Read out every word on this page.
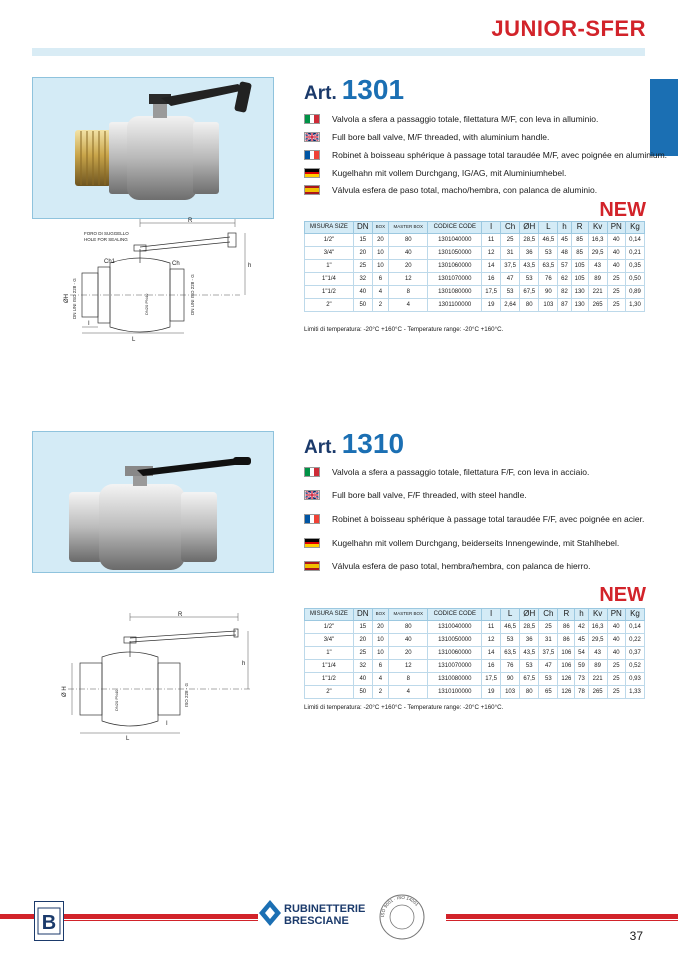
JUNIOR-SFER
Art. 1301
Valvola a sfera a passaggio totale, filettatura M/F, con leva in alluminio.
Full bore ball valve, M/F threaded, with aluminium handle.
Robinet à boisseau sphérique à passage total taraudée M/F, avec poignée en aluminium.
Kugelhahn mit vollem Durchgang, IG/AG, mit Aluminiumhebel.
Válvula esfera de paso total, macho/hembra, con palanca de aluminio.
NEW
R
h
Ch1	Ch
ØH
L
I
FORO DI SUGGELLO
HOLE FOR SEALING
DN UNI ISO 228 - G	DN UNI ISO 228 - G
DN20 PN40
MISURA SIZE	DN	BOX	MASTER BOX	CODICE CODE	I	Ch	ØH	L	h	R	Kv	PN	Kg
1/2"	15	20	80	1301040000	11	25	28,5	46,5	45	85	16,3	40	0,14
3/4"	20	10	40	1301050000	12	31	36	53	48	85	29,5	40	0,21
1"	25	10	20	1301060000	14	37,5	43,5	63,5	57	105	43	40	0,35
1"1/4	32	6	12	1301070000	16	47	53	76	62	105	89	25	0,50
1"1/2	40	4	8	1301080000	17,5	53	67,5	90	82	130	221	25	0,89
2"	50	2	4	1301100000	19	2,64	80	103	87	130	265	25	1,30
Limiti di temperatura: -20°C +160°C - Temperature range: -20°C +160°C.
Art. 1310
Valvola a sfera a passaggio totale, filettatura F/F, con leva in acciaio.
Full bore ball valve, F/F threaded, with steel handle.
Robinet à boisseau sphérique à passage total taraudée F/F, avec poignée en acier.
Kugelhahn mit vollem Durchgang, beiderseits Innengewinde, mit Stahlhebel.
Válvula esfera de paso total, hembra/hembra, con palanca de hierro.
NEW
R
h
Ø H
L
I
ISO 228 - G
DN20 PN40
MISURA SIZE	DN	BOX	MASTER BOX	CODICE CODE	I	L	ØH	Ch	R	h	Kv	PN	Kg
1/2"	15	20	80	1310040000	11	46,5	28,5	25	86	42	16,3	40	0,14
3/4"	20	10	40	1310050000	12	53	36	31	86	45	29,5	40	0,22
1"	25	10	20	1310060000	14	63,5	43,5	37,5	106	54	43	40	0,37
1"1/4	32	6	12	1310070000	16	76	53	47	106	59	89	25	0,52
1"1/2	40	4	8	1310080000	17,5	90	67,5	53	126	73	221	25	0,93
2"	50	2	4	1310100000	19	103	80	65	126	78	265	25	1,33
Limiti di temperatura: -20°C +160°C - Temperature range: -20°C +160°C.
B
RUBINETTERIE
BRESCIANE	ISO 9001 · ISO 14001
37
